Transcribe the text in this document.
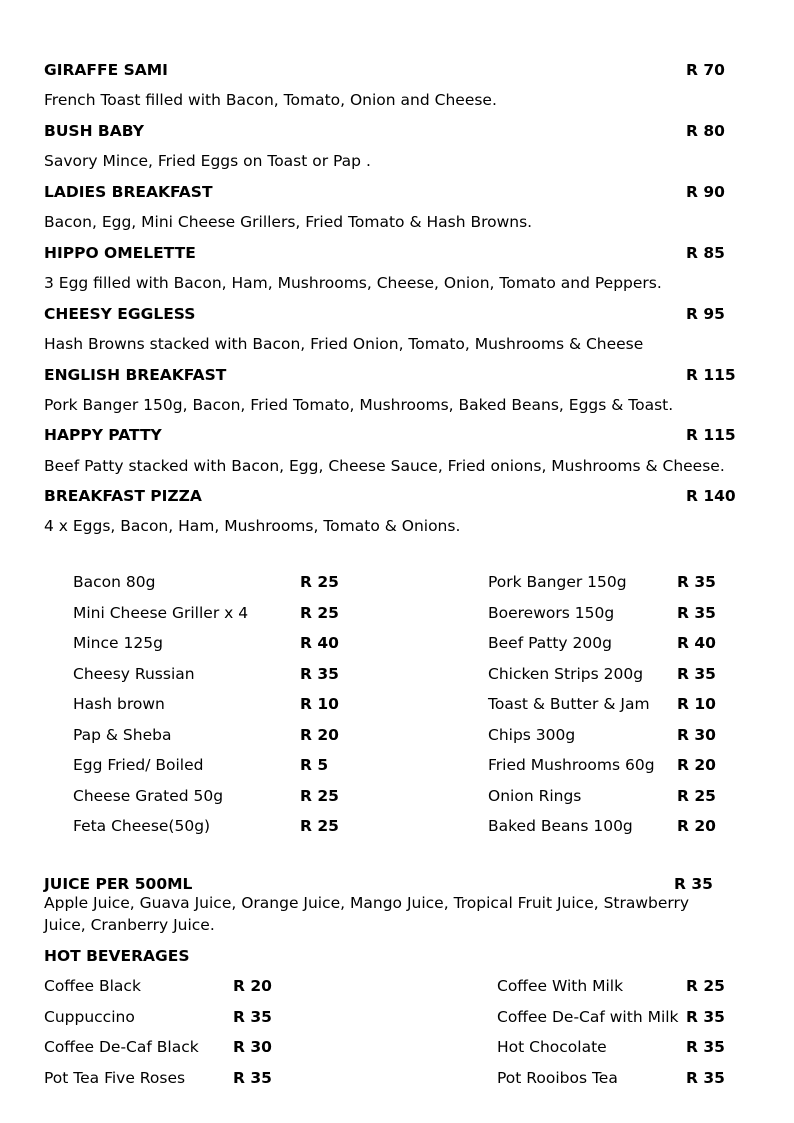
GIRAFFE SAMI	R 70
French Toast filled with Bacon, Tomato, Onion and Cheese.
BUSH BABY	R 80
Savory Mince, Fried Eggs on Toast or Pap .
LADIES BREAKFAST	R 90
Bacon, Egg, Mini Cheese Grillers, Fried Tomato & Hash Browns.
HIPPO OMELETTE	R 85
3 Egg filled with Bacon, Ham, Mushrooms, Cheese, Onion, Tomato and Peppers.
CHEESY EGGLESS	R 95
Hash Browns stacked with Bacon, Fried Onion, Tomato, Mushrooms & Cheese
ENGLISH BREAKFAST	R 115
Pork Banger 150g, Bacon, Fried Tomato, Mushrooms, Baked Beans, Eggs & Toast.
HAPPY PATTY	R 115
Beef Patty stacked with Bacon, Egg, Cheese Sauce, Fried onions, Mushrooms & Cheese.
BREAKFAST PIZZA	R 140
4 x Eggs, Bacon, Ham, Mushrooms, Tomato & Onions.
Bacon 80g	R 25	Pork Banger 150g	R 35
Mini Cheese Griller x 4	R 25	Boerewors 150g	R 35
Mince 125g	R 40	Beef Patty 200g	R 40
Cheesy Russian	R 35	Chicken Strips 200g R 35
Hash brown	R 10	Toast & Butter & Jam R 10
Pap & Sheba	R 20	Chips 300g	R 30
Egg Fried/ Boiled	R 5	Fried Mushrooms 60g R 20
Cheese Grated 50g	R 25	Onion Rings	R 25
Feta Cheese(50g)	R 25	Baked Beans 100g	R 20
JUICE PER 500ML	R 35
Apple Juice, Guava Juice, Orange Juice, Mango Juice, Tropical Fruit Juice, Strawberry
Juice, Cranberry Juice.
HOT BEVERAGES
Coffee Black	R 20	Coffee With Milk	R 25
Cuppuccino	R 35	Coffee De-Caf with Milk R 35
Coffee De-Caf Black R 30	Hot Chocolate	R 35
Pot Tea Five Roses	R 35	Pot Rooibos Tea	R 35
